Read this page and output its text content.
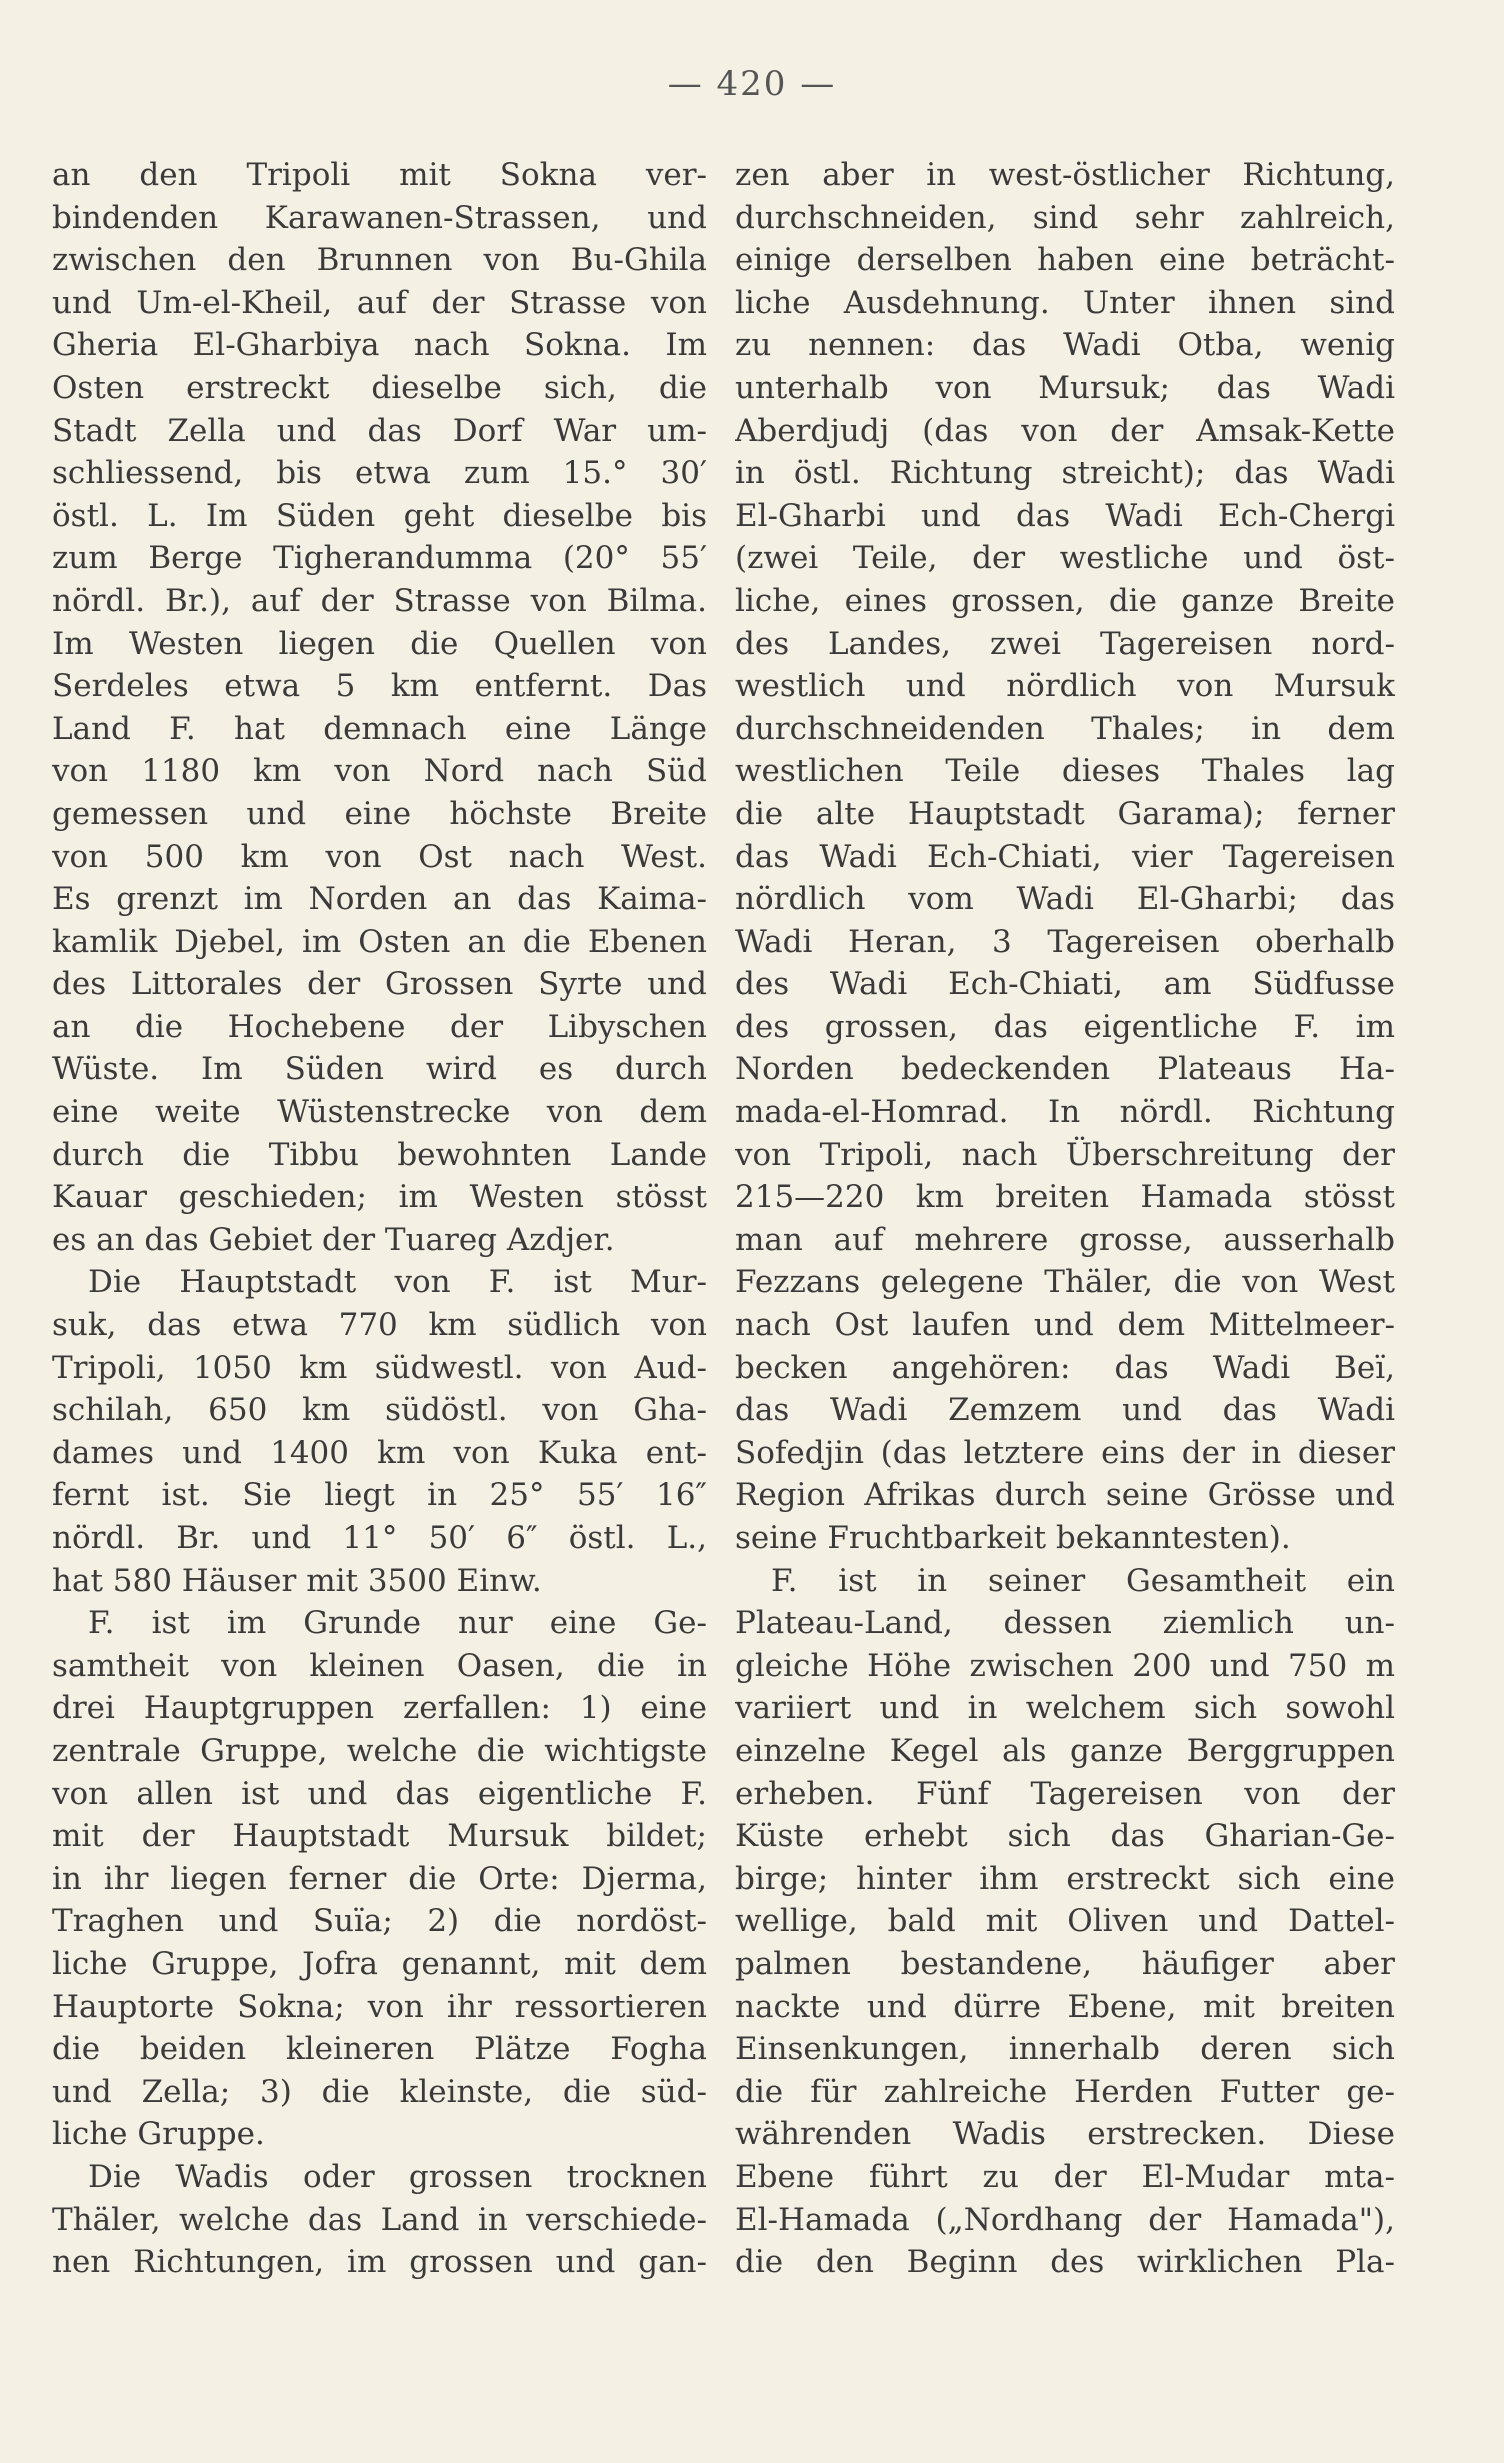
— 420 —
an den Tripoli mit Sokna ver-
bindenden Karawanen-Strassen, und
zwischen den Brunnen von Bu-Ghila
und Um-el-Kheil, auf der Strasse von
Gheria El-Gharbiya nach Sokna. Im
Osten erstreckt dieselbe sich, die
Stadt Zella und das Dorf War um-
schliessend, bis etwa zum 15.° 30′
östl. L. Im Süden geht dieselbe bis
zum Berge Tigherandumma (20° 55′
nördl. Br.), auf der Strasse von Bilma.
Im Westen liegen die Quellen von
Serdeles etwa 5 km entfernt. Das
Land F. hat demnach eine Länge
von 1180 km von Nord nach Süd
gemessen und eine höchste Breite
von 500 km von Ost nach West.
Es grenzt im Norden an das Kaima-
kamlik Djebel, im Osten an die Ebenen
des Littorales der Grossen Syrte und
an die Hochebene der Libyschen
Wüste. Im Süden wird es durch
eine weite Wüstenstrecke von dem
durch die Tibbu bewohnten Lande
Kauar geschieden; im Westen stösst
es an das Gebiet der Tuareg Azdjer.
Die Hauptstadt von F. ist Mur-
suk, das etwa 770 km südlich von
Tripoli, 1050 km südwestl. von Aud-
schilah, 650 km südöstl. von Gha-
dames und 1400 km von Kuka ent-
fernt ist. Sie liegt in 25° 55′ 16″
nördl. Br. und 11° 50′ 6″ östl. L.,
hat 580 Häuser mit 3500 Einw.
F. ist im Grunde nur eine Ge-
samtheit von kleinen Oasen, die in
drei Hauptgruppen zerfallen: 1) eine
zentrale Gruppe, welche die wichtigste
von allen ist und das eigentliche F.
mit der Hauptstadt Mursuk bildet;
in ihr liegen ferner die Orte: Djerma,
Traghen und Suïa; 2) die nordöst-
liche Gruppe, Jofra genannt, mit dem
Hauptorte Sokna; von ihr ressortieren
die beiden kleineren Plätze Fogha
und Zella; 3) die kleinste, die süd-
liche Gruppe.
Die Wadis oder grossen trocknen
Thäler, welche das Land in verschiede-
nen Richtungen, im grossen und gan-
zen aber in west-östlicher Richtung,
durchschneiden, sind sehr zahlreich,
einige derselben haben eine beträcht-
liche Ausdehnung. Unter ihnen sind
zu nennen: das Wadi Otba, wenig
unterhalb von Mursuk; das Wadi
Aberdjudj (das von der Amsak-Kette
in östl. Richtung streicht); das Wadi
El-Gharbi und das Wadi Ech-Chergi
(zwei Teile, der westliche und öst-
liche, eines grossen, die ganze Breite
des Landes, zwei Tagereisen nord-
westlich und nördlich von Mursuk
durchschneidenden Thales; in dem
westlichen Teile dieses Thales lag
die alte Hauptstadt Garama); ferner
das Wadi Ech-Chiati, vier Tagereisen
nördlich vom Wadi El-Gharbi; das
Wadi Heran, 3 Tagereisen oberhalb
des Wadi Ech-Chiati, am Südfusse
des grossen, das eigentliche F. im
Norden bedeckenden Plateaus Ha-
mada-el-Homrad. In nördl. Richtung
von Tripoli, nach Überschreitung der
215—220 km breiten Hamada stösst
man auf mehrere grosse, ausserhalb
Fezzans gelegene Thäler, die von West
nach Ost laufen und dem Mittelmeer-
becken angehören: das Wadi Beï,
das Wadi Zemzem und das Wadi
Sofedjin (das letztere eins der in dieser
Region Afrikas durch seine Grösse und
seine Fruchtbarkeit bekanntesten).
F. ist in seiner Gesamtheit ein
Plateau-Land, dessen ziemlich un-
gleiche Höhe zwischen 200 und 750 m
variiert und in welchem sich sowohl
einzelne Kegel als ganze Berggruppen
erheben. Fünf Tagereisen von der
Küste erhebt sich das Gharian-Ge-
birge; hinter ihm erstreckt sich eine
wellige, bald mit Oliven und Dattel-
palmen bestandene, häufiger aber
nackte und dürre Ebene, mit breiten
Einsenkungen, innerhalb deren sich
die für zahlreiche Herden Futter ge-
währenden Wadis erstrecken. Diese
Ebene führt zu der El-Mudar mta-
El-Hamada („Nordhang der Hamada"),
die den Beginn des wirklichen Pla-
